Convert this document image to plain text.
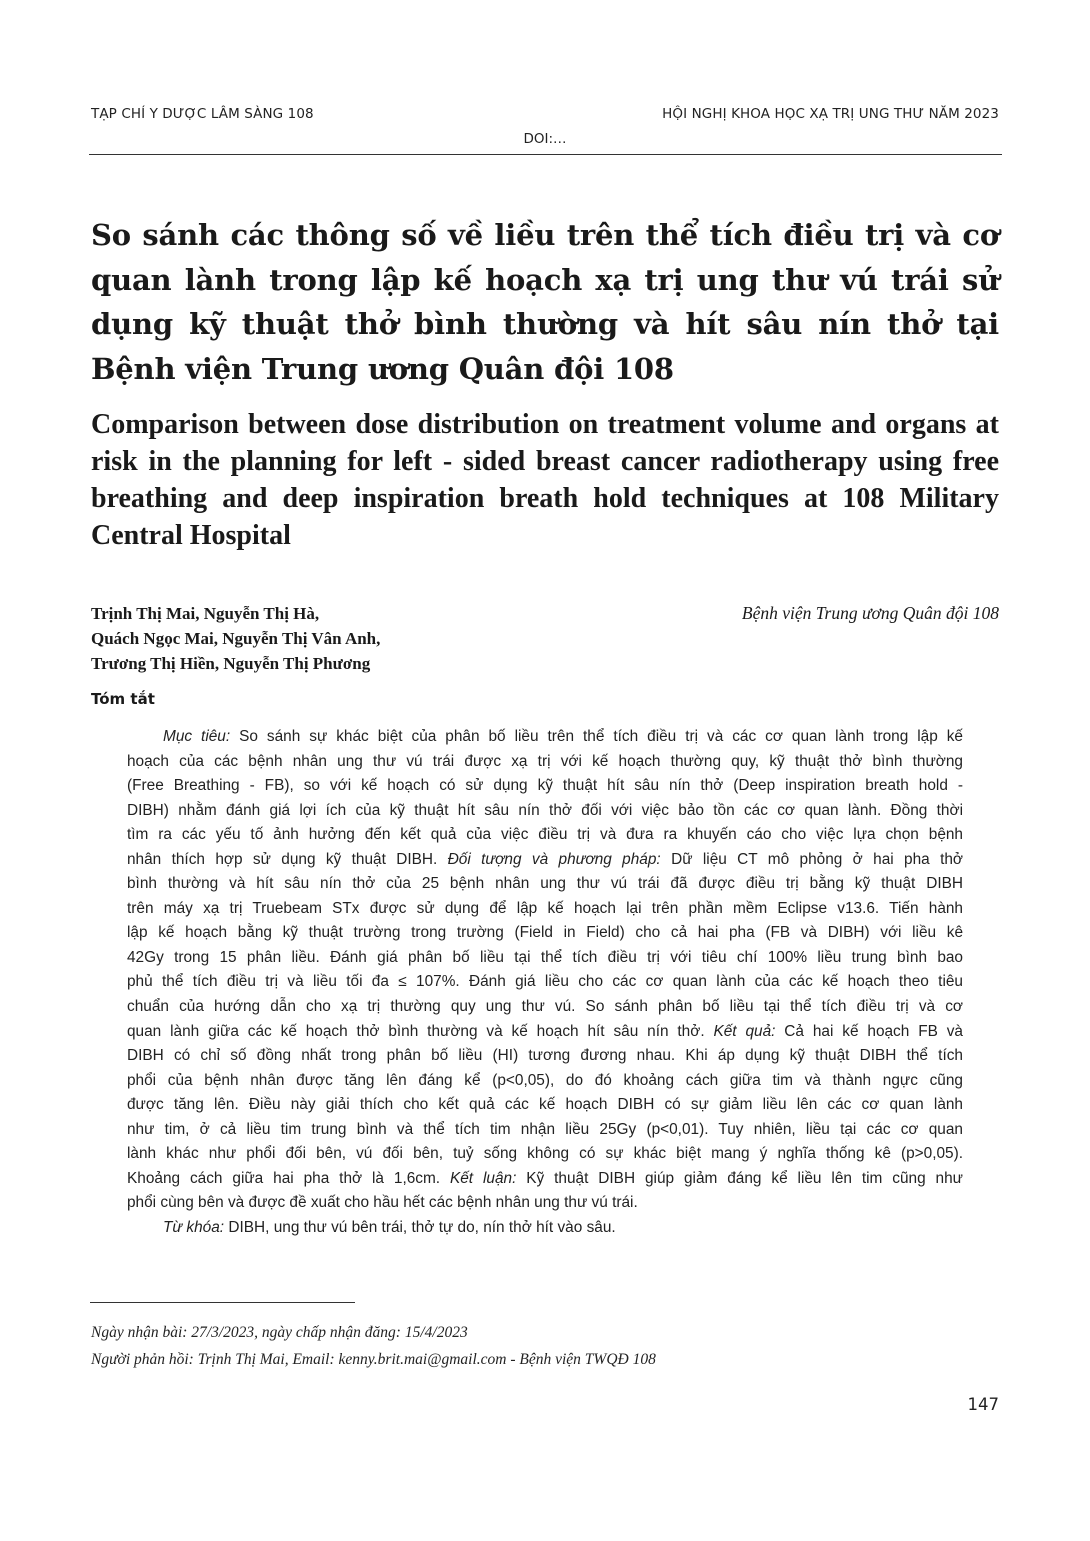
TẠP CHÍ Y DƯỢC LÂM SÀNG 108	HỘI NGHỊ KHOA HỌC XẠ TRỊ UNG THƯ NĂM 2023
DOI:…
So sánh các thông số về liều trên thể tích điều trị và cơ quan lành trong lập kế hoạch xạ trị ung thư vú trái sử dụng kỹ thuật thở bình thường và hít sâu nín thở tại Bệnh viện Trung ương Quân đội 108
Comparison between dose distribution on treatment volume and organs at risk in the planning for left - sided breast cancer radiotherapy using free breathing and deep inspiration breath hold techniques at 108 Military Central Hospital
Trịnh Thị Mai, Nguyễn Thị Hà,
Quách Ngọc Mai, Nguyễn Thị Vân Anh,
Trương Thị Hiền, Nguyễn Thị Phương
Bệnh viện Trung ương Quân đội 108
Tóm tắt
Mục tiêu: So sánh sự khác biệt của phân bố liều trên thể tích điều trị và các cơ quan lành trong lập kế
hoạch của các bệnh nhân ung thư vú trái được xạ trị với kế hoạch thường quy, kỹ thuật thở bình thường
(Free Breathing - FB), so với kế hoạch có sử dụng kỹ thuật hít sâu nín thở (Deep inspiration breath hold -
DIBH) nhằm đánh giá lợi ích của kỹ thuật hít sâu nín thở đối với việc bảo tồn các cơ quan lành. Đồng thời
tìm ra các yếu tố ảnh hưởng đến kết quả của việc điều trị và đưa ra khuyến cáo cho việc lựa chọn bệnh
nhân thích hợp sử dụng kỹ thuật DIBH. Đối tượng và phương pháp: Dữ liệu CT mô phỏng ở hai pha thở
bình thường và hít sâu nín thở của 25 bệnh nhân ung thư vú trái đã được điều trị bằng kỹ thuật DIBH
trên máy xạ trị Truebeam STx được sử dụng để lập kế hoạch lại trên phần mềm Eclipse v13.6. Tiến hành
lập kế hoạch bằng kỹ thuật trường trong trường (Field in Field) cho cả hai pha (FB và DIBH) với liều kê
42Gy trong 15 phân liều. Đánh giá phân bố liều tại thể tích điều trị với tiêu chí 100% liều trung bình bao
phủ thể tích điều trị và liều tối đa ≤ 107%. Đánh giá liều cho các cơ quan lành của các kế hoạch theo tiêu
chuẩn của hướng dẫn cho xạ trị thường quy ung thư vú. So sánh phân bố liều tại thể tích điều trị và cơ
quan lành giữa các kế hoạch thở bình thường và kế hoạch hít sâu nín thở. Kết quả: Cả hai kế hoạch FB và
DIBH có chỉ số đồng nhất trong phân bố liều (HI) tương đương nhau. Khi áp dụng kỹ thuật DIBH thể tích
phổi của bệnh nhân được tăng lên đáng kể (p<0,05), do đó khoảng cách giữa tim và thành ngực cũng
được tăng lên. Điều này giải thích cho kết quả các kế hoạch DIBH có sự giảm liều lên các cơ quan lành
như tim, ở cả liều tim trung bình và thể tích tim nhận liều 25Gy (p<0,01). Tuy nhiên, liều tại các cơ quan
lành khác như phổi đối bên, vú đối bên, tuỷ sống không có sự khác biệt mang ý nghĩa thống kê (p>0,05).
Khoảng cách giữa hai pha thở là 1,6cm. Kết luận: Kỹ thuật DIBH giúp giảm đáng kể liều lên tim cũng như
phổi cùng bên và được đề xuất cho hầu hết các bệnh nhân ung thư vú trái.
Từ khóa: DIBH, ung thư vú bên trái, thở tự do, nín thở hít vào sâu.
Ngày nhận bài: 27/3/2023, ngày chấp nhận đăng: 15/4/2023
Người phản hồi: Trịnh Thị Mai, Email: kenny.brit.mai@gmail.com - Bệnh viện TWQĐ 108
147
